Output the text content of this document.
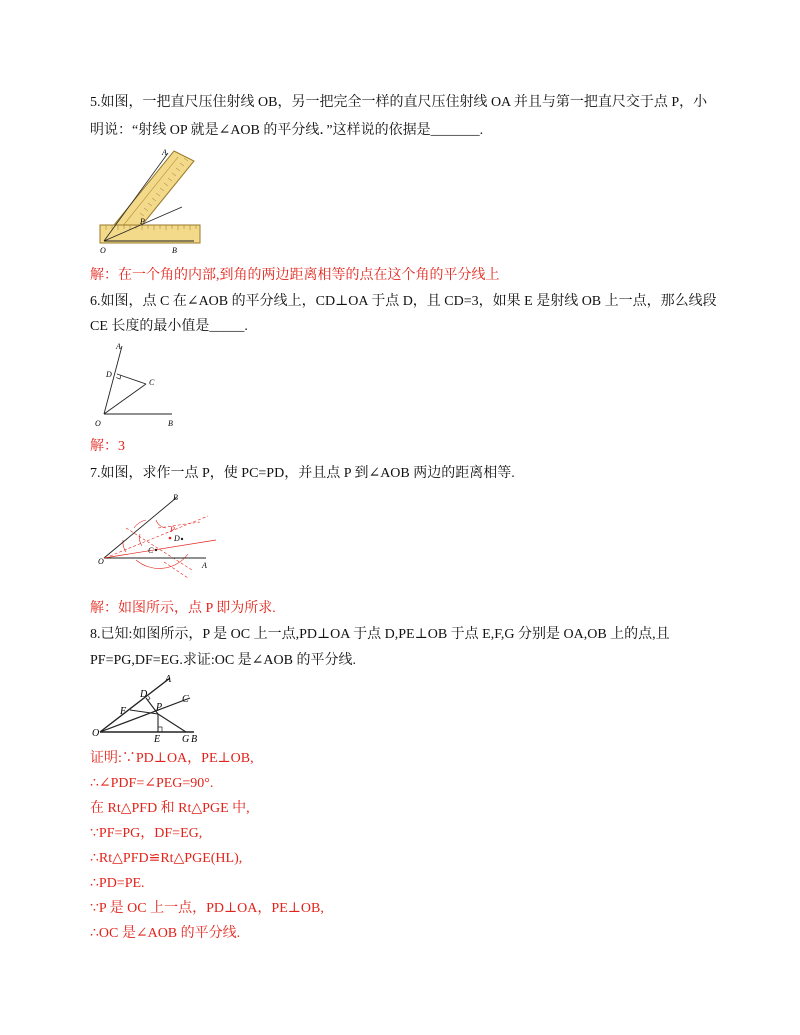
5.如图，一把直尺压住射线 OB，另一把完全一样的直尺压住射线 OA 并且与第一把直尺交于点 P，小
明说：“射线 OP 就是∠AOB 的平分线．”这样说的依据是_______.
A
P
O	B
解：在一个角的内部,到角的两边距离相等的点在这个角的平分线上
6.如图，点 C 在∠AOB 的平分线上，CD⊥OA 于点 D，且 CD=3，如果 E 是射线 OB 上一点，那么线段
CE 长度的最小值是_____.
A
D
C
O	B
解：3
7.如图，求作一点 P，使 PC=PD，并且点 P 到∠AOB 两边的距离相等.
B
P
D
C
O	A
解：如图所示，点 P 即为所求.
8.已知:如图所示，P 是 OC 上一点,PD⊥OA 于点 D,PE⊥OB 于点 E,F,G 分别是 OA,OB 上的点,且
PF=PG,DF=EG.求证:OC 是∠AOB 的平分线.
A
D	C
F	P
O
E G B
证明:∵PD⊥OA，PE⊥OB,
∴∠PDF=∠PEG=90°.
在 Rt△PFD 和 Rt△PGE 中,
∵PF=PG，DF=EG,
∴Rt△PFD≌Rt△PGE(HL),
∴PD=PE.
∵P 是 OC 上一点，PD⊥OA，PE⊥OB,
∴OC 是∠AOB 的平分线.
